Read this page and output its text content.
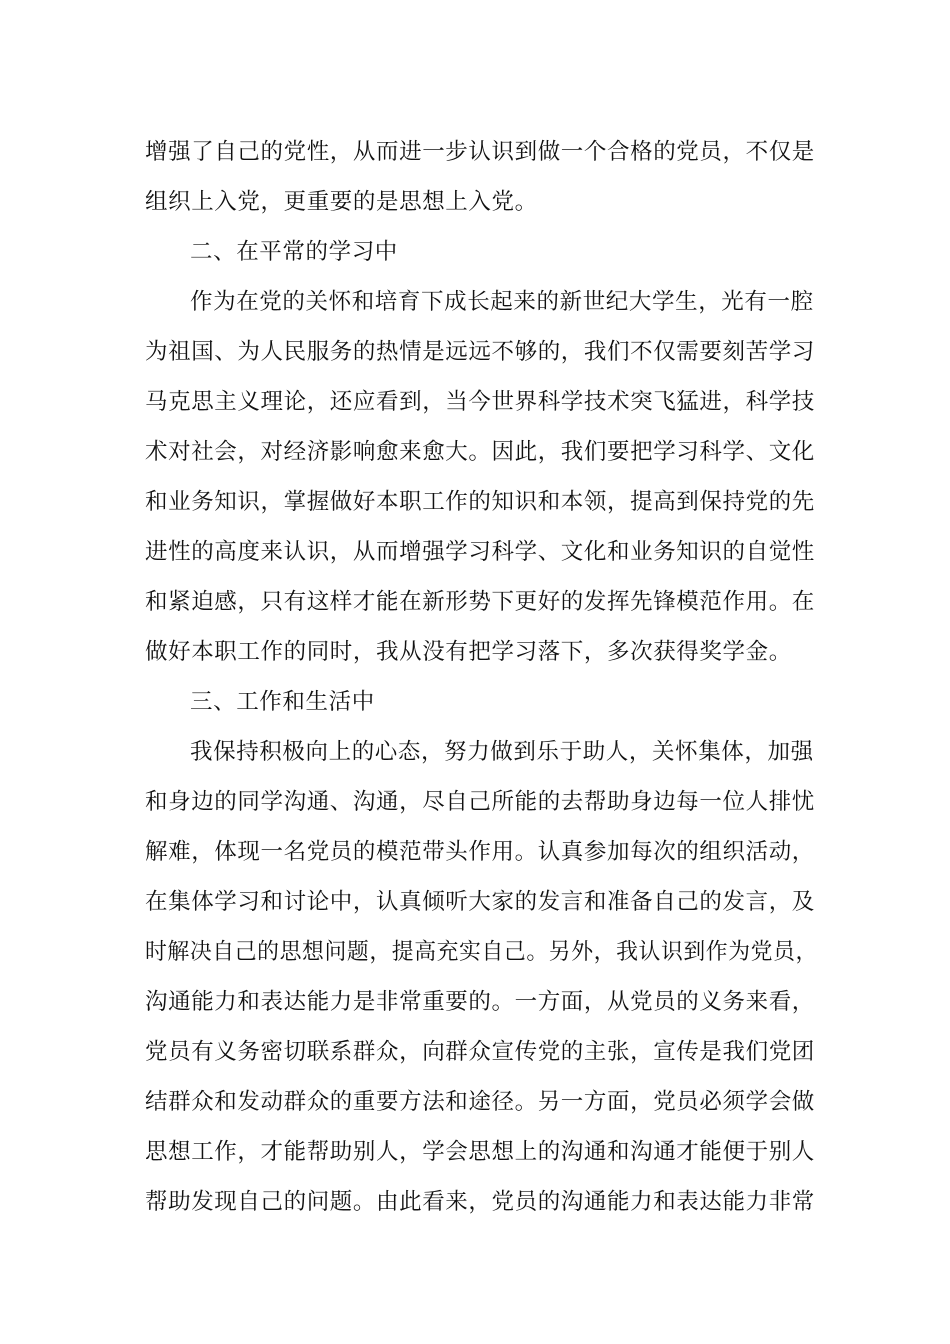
增强了自己的党性，从而进一步认识到做一个合格的党员，不仅是
组织上入党，更重要的是思想上入党。
二、在平常的学习中
作为在党的关怀和培育下成长起来的新世纪大学生，光有一腔
为祖国、为人民服务的热情是远远不够的，我们不仅需要刻苦学习
马克思主义理论，还应看到，当今世界科学技术突飞猛进，科学技
术对社会，对经济影响愈来愈大。因此，我们要把学习科学、文化
和业务知识，掌握做好本职工作的知识和本领，提高到保持党的先
进性的高度来认识，从而增强学习科学、文化和业务知识的自觉性
和紧迫感，只有这样才能在新形势下更好的发挥先锋模范作用。在
做好本职工作的同时，我从没有把学习落下，多次获得奖学金。
三、工作和生活中
我保持积极向上的心态，努力做到乐于助人，关怀集体，加强
和身边的同学沟通、沟通，尽自己所能的去帮助身边每一位人排忧
解难，体现一名党员的模范带头作用。认真参加每次的组织活动，
在集体学习和讨论中，认真倾听大家的发言和准备自己的发言，及
时解决自己的思想问题，提高充实自己。另外，我认识到作为党员，
沟通能力和表达能力是非常重要的。一方面，从党员的义务来看，
党员有义务密切联系群众，向群众宣传党的主张，宣传是我们党团
结群众和发动群众的重要方法和途径。另一方面，党员必须学会做
思想工作，才能帮助别人，学会思想上的沟通和沟通才能便于别人
帮助发现自己的问题。由此看来，党员的沟通能力和表达能力非常
